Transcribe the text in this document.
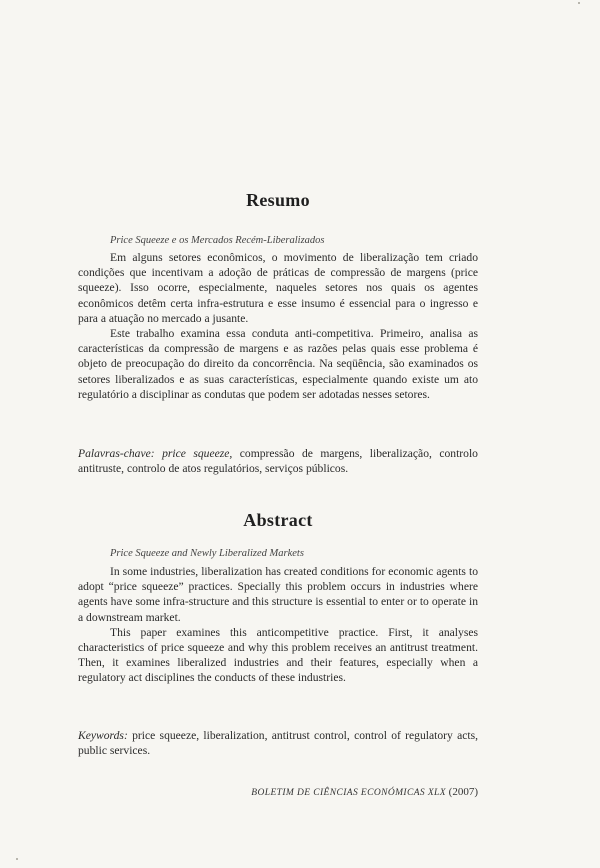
Resumo

Price Squeeze e os Mercados Recém-Liberalizados

Em alguns setores econômicos, o movimento de liberalização tem criado condições que incentivam a adoção de práticas de compressão de margens (price squeeze). Isso ocorre, especialmente, naqueles setores nos quais os agentes econômicos detêm certa infra-estrutura e esse insumo é essencial para o ingresso e para a atuação no mercado a jusante.

Este trabalho examina essa conduta anti-competitiva. Primeiro, analisa as características da compressão de margens e as razões pelas quais esse problema é objeto de preocupação do direito da concorrência. Na seqüência, são examinados os setores liberalizados e as suas características, especialmente quando existe um ato regulatório a disciplinar as condutas que podem ser adotadas nesses setores.

Palavras-chave: price squeeze, compressão de margens, liberalização, controlo antitruste, controlo de atos regulatórios, serviços públicos.

Abstract

Price Squeeze and Newly Liberalized Markets

In some industries, liberalization has created conditions for economic agents to adopt “price squeeze” practices. Specially this problem occurs in industries where agents have some infra-structure and this structure is essential to enter or to operate in a downstream market.

This paper examines this anticompetitive practice. First, it analyses characteristics of price squeeze and why this problem receives an antitrust treatment. Then, it examines liberalized industries and their features, especially when a regulatory act disciplines the conducts of these industries.

Keywords: price squeeze, liberalization, antitrust control, control of regulatory acts, public services.

BOLETIM DE CIÊNCIAS ECONÓMICAS XLX (2007)
